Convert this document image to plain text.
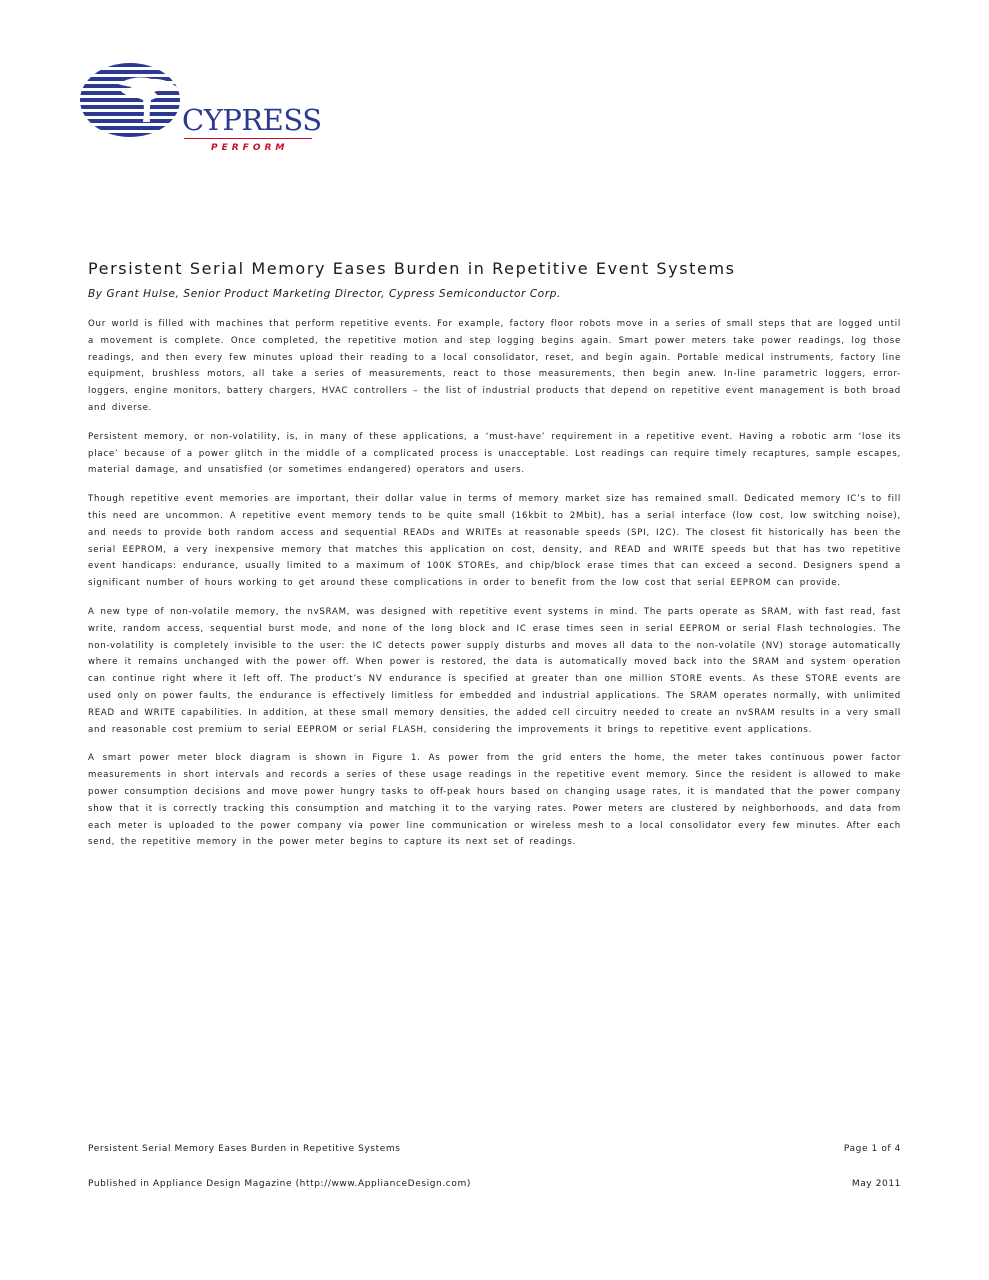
CYPRESS
PERFORM
Persistent Serial Memory Eases Burden in Repetitive Event Systems
By Grant Hulse, Senior Product Marketing Director, Cypress Semiconductor Corp.

Our world is filled with machines that perform repetitive events. For example, factory floor robots move in a series of small steps that are logged until a movement is complete. Once completed, the repetitive motion and step logging begins again. Smart power meters take power readings, log those readings, and then every few minutes upload their reading to a local consolidator, reset, and begin again. Portable medical instruments, factory line equipment, brushless motors, all take a series of measurements, react to those measurements, then begin anew. In-line parametric loggers, error-loggers, engine monitors, battery chargers, HVAC controllers – the list of industrial products that depend on repetitive event management is both broad and diverse.

Persistent memory, or non-volatility, is, in many of these applications, a ‘must-have’ requirement in a repetitive event. Having a robotic arm ‘lose its place’ because of a power glitch in the middle of a complicated process is unacceptable. Lost readings can require timely recaptures, sample escapes, material damage, and unsatisfied (or sometimes endangered) operators and users.

Though repetitive event memories are important, their dollar value in terms of memory market size has remained small. Dedicated memory IC’s to fill this need are uncommon. A repetitive event memory tends to be quite small (16kbit to 2Mbit), has a serial interface (low cost, low switching noise), and needs to provide both random access and sequential READs and WRITEs at reasonable speeds (SPI, I2C). The closest fit historically has been the serial EEPROM, a very inexpensive memory that matches this application on cost, density, and READ and WRITE speeds but that has two repetitive event handicaps: endurance, usually limited to a maximum of 100K STOREs, and chip/block erase times that can exceed a second. Designers spend a significant number of hours working to get around these complications in order to benefit from the low cost that serial EEPROM can provide.

A new type of non-volatile memory, the nvSRAM, was designed with repetitive event systems in mind. The parts operate as SRAM, with fast read, fast write, random access, sequential burst mode, and none of the long block and IC erase times seen in serial EEPROM or serial Flash technologies. The non-volatility is completely invisible to the user: the IC detects power supply disturbs and moves all data to the non-volatile (NV) storage automatically where it remains unchanged with the power off. When power is restored, the data is automatically moved back into the SRAM and system operation can continue right where it left off. The product’s NV endurance is specified at greater than one million STORE events. As these STORE events are used only on power faults, the endurance is effectively limitless for embedded and industrial applications. The SRAM operates normally, with unlimited READ and WRITE capabilities. In addition, at these small memory densities, the added cell circuitry needed to create an nvSRAM results in a very small and reasonable cost premium to serial EEPROM or serial FLASH, considering the improvements it brings to repetitive event applications.

A smart power meter block diagram is shown in Figure 1. As power from the grid enters the home, the meter takes continuous power factor measurements in short intervals and records a series of these usage readings in the repetitive event memory. Since the resident is allowed to make power consumption decisions and move power hungry tasks to off-peak hours based on changing usage rates, it is mandated that the power company show that it is correctly tracking this consumption and matching it to the varying rates. Power meters are clustered by neighborhoods, and data from each meter is uploaded to the power company via power line communication or wireless mesh to a local consolidator every few minutes. After each send, the repetitive memory in the power meter begins to capture its next set of readings.

Persistent Serial Memory Eases Burden in Repetitive Systems	Page 1 of 4
Published in Appliance Design Magazine (http://www.ApplianceDesign.com)	May 2011
